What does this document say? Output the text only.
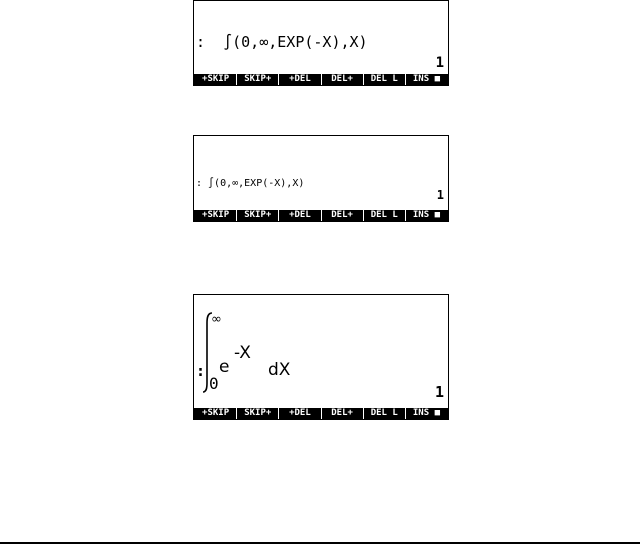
:  ∫(0,∞,EXP(-X),X)
1
+SKIP	SKIP+	+DEL	DEL+	DEL L	INS ■
: ∫(0,∞,EXP(-X),X)
1
+SKIP	SKIP+	+DEL	DEL+	DEL L	INS ■
:
∞
0
e
-X
dX
1
+SKIP	SKIP+	+DEL	DEL+	DEL L	INS ■
